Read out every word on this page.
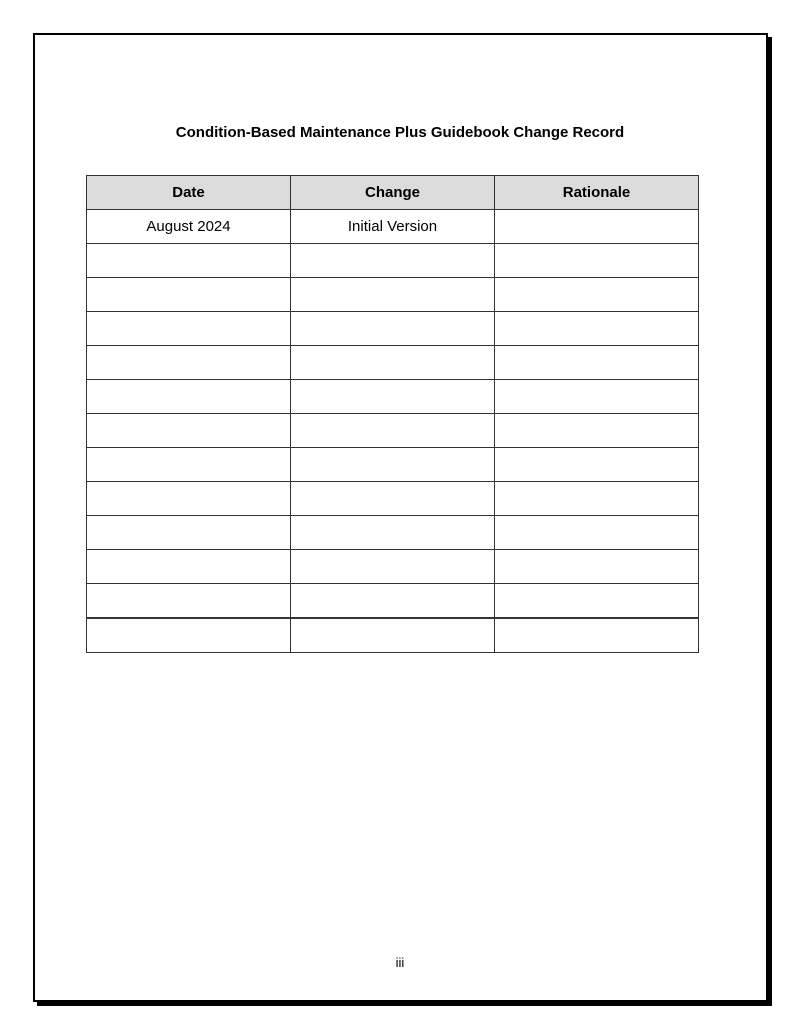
Condition-Based Maintenance Plus Guidebook Change Record
Date	Change	Rationale
August 2024	Initial Version	

iii
